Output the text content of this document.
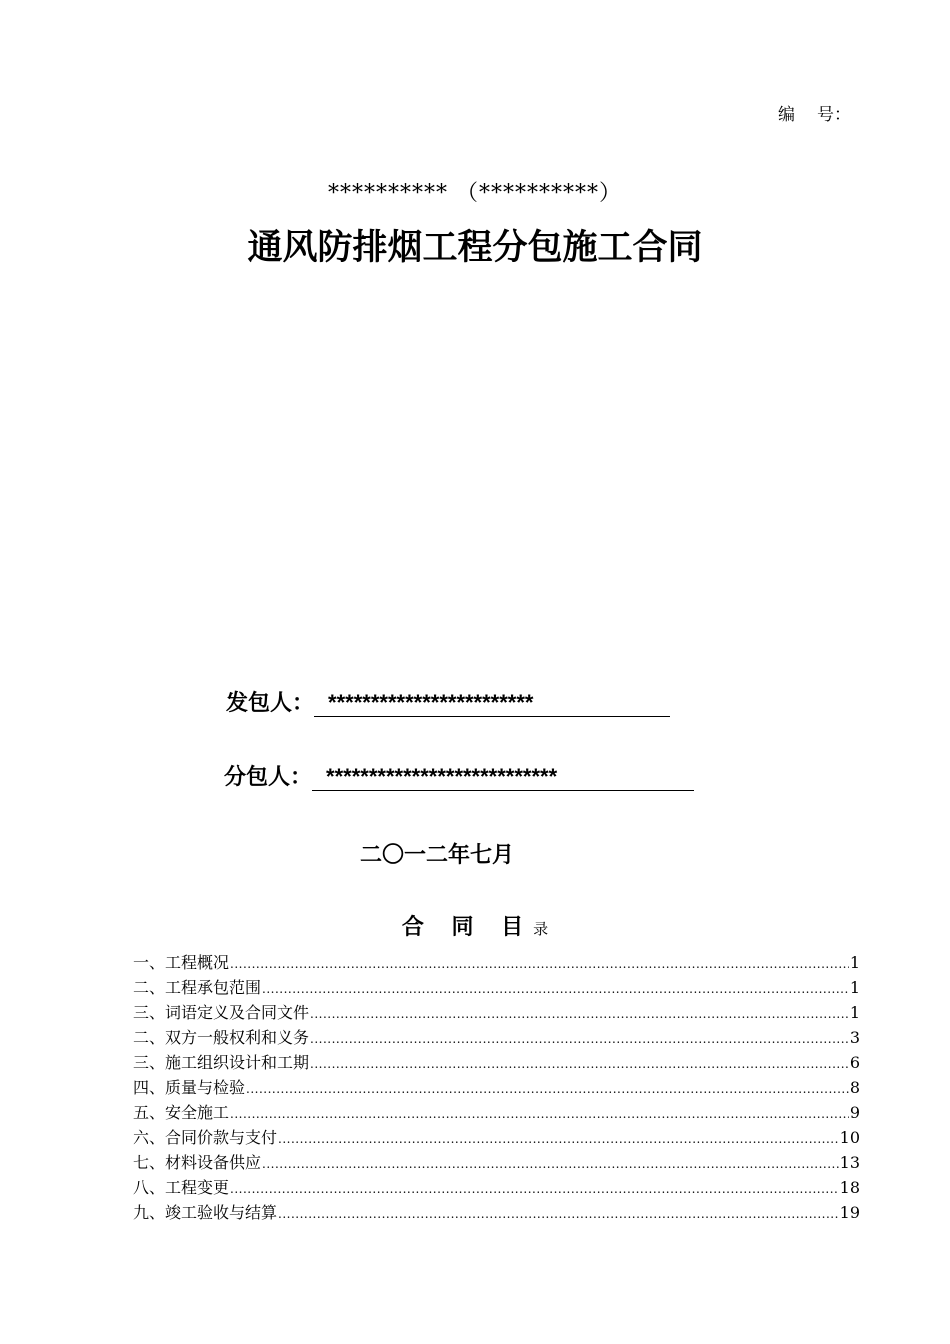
编 号：
********** （**********）
通风防排烟工程分包施工合同
发包人： ************************
分包人： ***************************
二〇一二年七月
合 同 目录
一、工程概况 .....	1
二、工程承包范围 .....	1
三、词语定义及合同文件 .....	1
二、双方一般权利和义务 .....	3
三、施工组织设计和工期 .....	6
四、质量与检验 .....	8
五、安全施工 .....	9
六、合同价款与支付 .....	10
七、材料设备供应 .....	13
八、工程变更 .....	18
九、竣工验收与结算 .....	19
